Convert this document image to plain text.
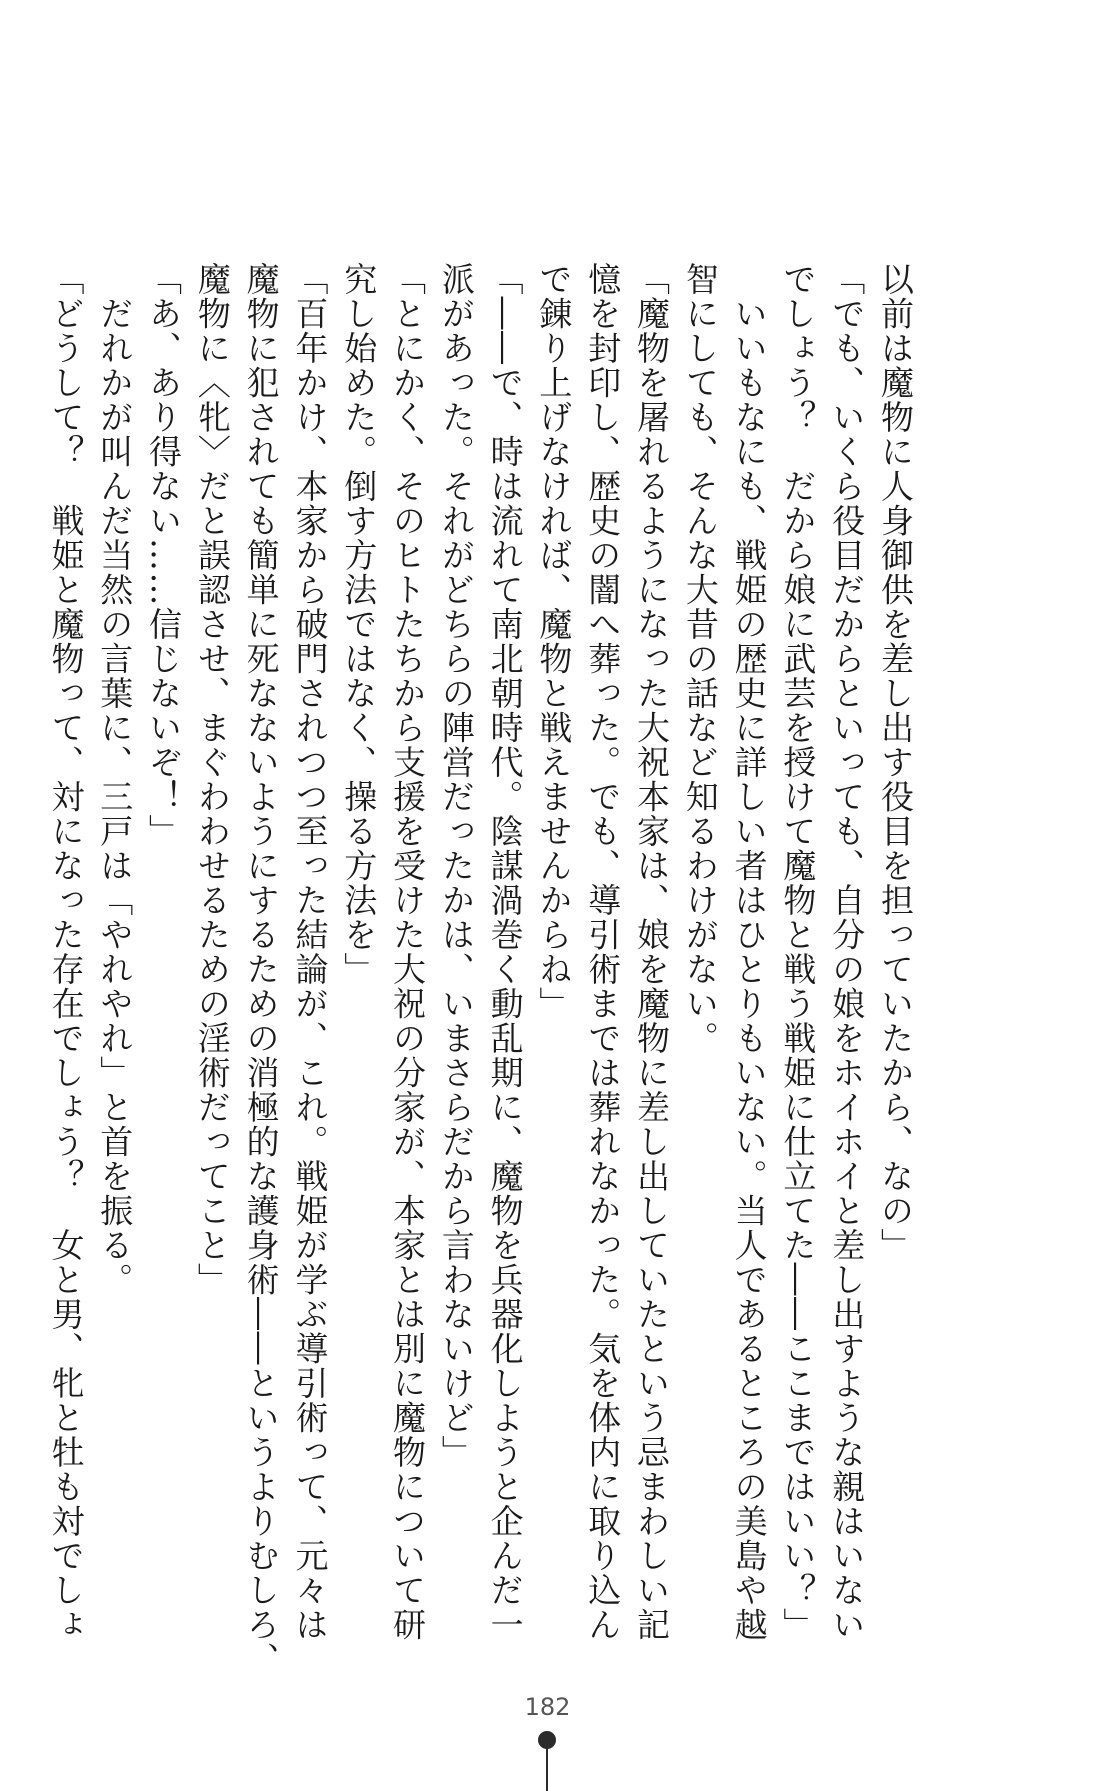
以前は魔物に人身御供を差し出す役目を担っていたから、なの」
「でも、いくら役目だからといっても、自分の娘をホイホイと差し出すような親はいない
でしょう？　だから娘に武芸を授けて魔物と戦う戦姫に仕立てた――ここまではいい？」
　いいもなにも、戦姫の歴史に詳しい者はひとりもいない。当人であるところの美島や越
智にしても、そんな大昔の話など知るわけがない。
「魔物を屠れるようになった大祝本家は、娘を魔物に差し出していたという忌まわしい記
憶を封印し、歴史の闇へ葬った。でも、導引術までは葬れなかった。気を体内に取り込ん
で錬り上げなければ、魔物と戦えませんからね」
「――で、時は流れて南北朝時代。陰謀渦巻く動乱期に、魔物を兵器化しようと企んだ一
派があった。それがどちらの陣営だったかは、いまさらだから言わないけど」
「とにかく、そのヒトたちから支援を受けた大祝の分家が、本家とは別に魔物について研
究し始めた。倒す方法ではなく、操る方法を」
「百年かけ、本家から破門されつつ至った結論が、これ。戦姫が学ぶ導引術って、元々は
魔物に犯されても簡単に死なないようにするための消極的な護身術――というよりむしろ、
魔物に〈牝〉だと誤認させ、まぐわわせるための淫術だってこと」
「あ、あり得ない……信じないぞ！」
　だれかが叫んだ当然の言葉に、三戸は「やれやれ」と首を振る。
「どうして？　戦姫と魔物って、対になった存在でしょう？　女と男、牝と牡も対でしょ
182
